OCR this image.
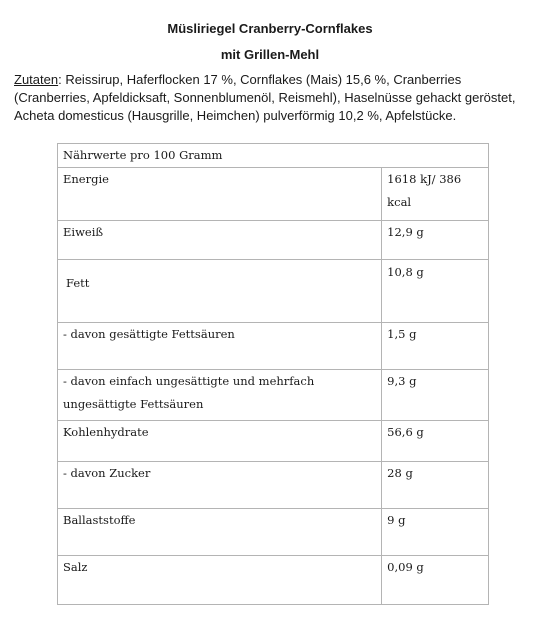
Müsliriegel Cranberry-Cornflakes
mit Grillen-Mehl
Zutaten: Reissirup, Haferflocken 17 %, Cornflakes (Mais) 15,6 %, Cranberries (Cranberries, Apfeldicksaft, Sonnenblumenöl, Reismehl), Haselnüsse gehackt geröstet, Acheta domesticus (Hausgrille, Heimchen) pulverförmig 10,2 %, Apfelstücke.
Nährwerte pro 100 Gramm	
Energie	1618 kJ/ 386 kcal
Eiweiß	12,9 g
Fett	10,8 g
- davon gesättigte Fettsäuren	1,5 g
- davon einfach ungesättigte und mehrfach ungesättigte Fettsäuren	9,3 g
Kohlenhydrate	56,6 g
- davon Zucker	28 g
Ballaststoffe	9 g
Salz	0,09 g
